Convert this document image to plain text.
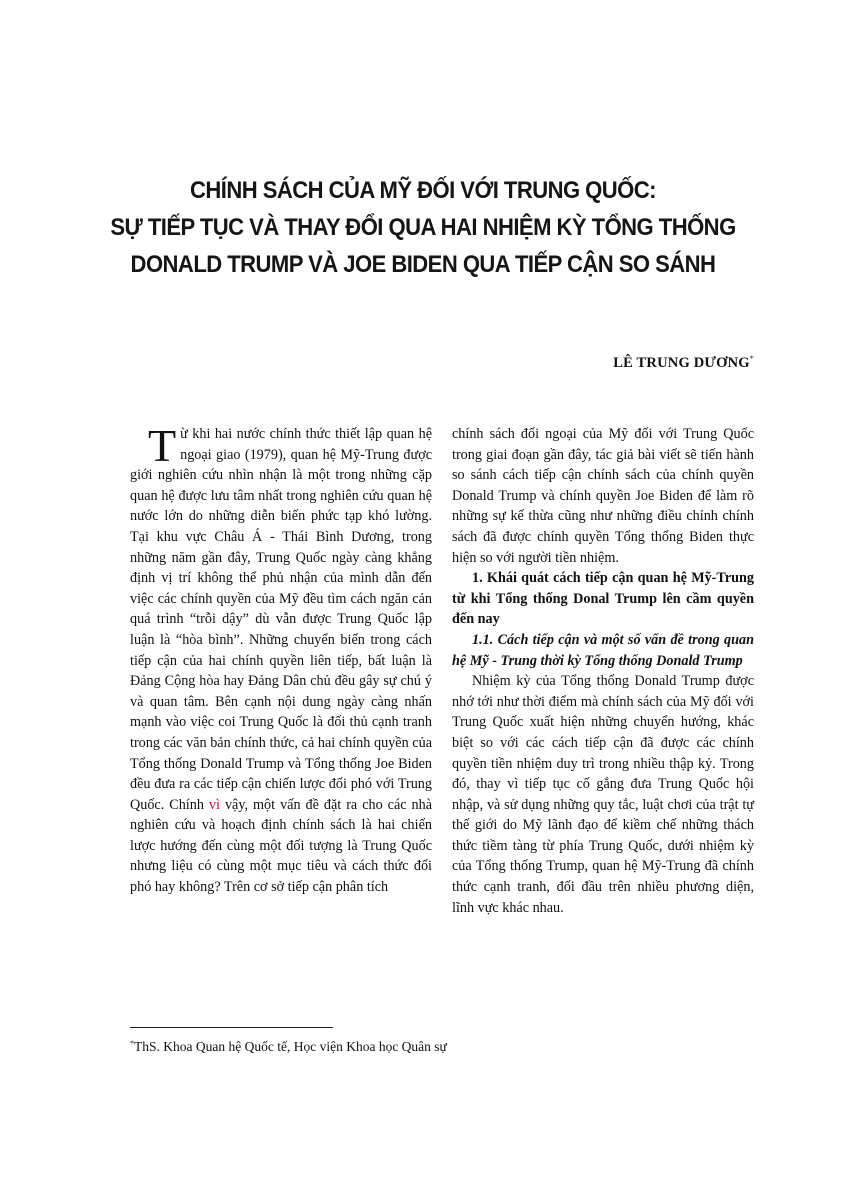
CHÍNH SÁCH CỦA MỸ ĐỐI VỚI TRUNG QUỐC:
SỰ TIẾP TỤC VÀ THAY ĐỔI QUA HAI NHIỆM KỲ TỔNG THỐNG
DONALD TRUMP VÀ JOE BIDEN QUA TIẾP CẬN SO SÁNH
LÊ TRUNG DƯƠNG*

Từ khi hai nước chính thức thiết lập quan hệ ngoại giao (1979), quan hệ Mỹ-Trung được giới nghiên cứu nhìn nhận là một trong những cặp quan hệ được lưu tâm nhất trong nghiên cứu quan hệ nước lớn do những diễn biến phức tạp khó lường. Tại khu vực Châu Á - Thái Bình Dương, trong những năm gần đây, Trung Quốc ngày càng khẳng định vị trí không thể phủ nhận của mình dẫn đến việc các chính quyền của Mỹ đều tìm cách ngăn cản quá trình “trỗi dậy” dù vẫn được Trung Quốc lập luận là “hòa bình”. Những chuyển biến trong cách tiếp cận của hai chính quyền liên tiếp, bất luận là Đảng Cộng hòa hay Đảng Dân chủ đều gây sự chú ý và quan tâm. Bên cạnh nội dung ngày càng nhấn mạnh vào việc coi Trung Quốc là đối thủ cạnh tranh trong các văn bản chính thức, cả hai chính quyền của Tổng thống Donald Trump và Tổng thống Joe Biden đều đưa ra các tiếp cận chiến lược đối phó với Trung Quốc. Chính vì vậy, một vấn đề đặt ra cho các nhà nghiên cứu và hoạch định chính sách là hai chiến lược hướng đến cùng một đối tượng là Trung Quốc nhưng liệu có cùng một mục tiêu và cách thức đối phó hay không? Trên cơ sở tiếp cận phân tích

chính sách đối ngoại của Mỹ đối với Trung Quốc trong giai đoạn gần đây, tác giả bài viết sẽ tiến hành so sánh cách tiếp cận chính sách của chính quyền Donald Trump và chính quyền Joe Biden để làm rõ những sự kế thừa cũng như những điều chỉnh chính sách đã được chính quyền Tổng thống Biden thực hiện so với người tiền nhiệm.

1. Khái quát cách tiếp cận quan hệ Mỹ-Trung từ khi Tổng thống Donal Trump lên cầm quyền đến nay

1.1. Cách tiếp cận và một số vấn đề trong quan hệ Mỹ - Trung thời kỳ Tổng thống Donald Trump

Nhiệm kỳ của Tổng thống Donald Trump được nhớ tới như thời điểm mà chính sách của Mỹ đối với Trung Quốc xuất hiện những chuyển hướng, khác biệt so với các cách tiếp cận đã được các chính quyền tiền nhiệm duy trì trong nhiều thập kỷ. Trong đó, thay vì tiếp tục cố gắng đưa Trung Quốc hội nhập, và sử dụng những quy tắc, luật chơi của trật tự thế giới do Mỹ lãnh đạo để kiềm chế những thách thức tiềm tàng từ phía Trung Quốc, dưới nhiệm kỳ của Tổng thống Trump, quan hệ Mỹ-Trung đã chính thức cạnh tranh, đối đầu trên nhiều phương diện, lĩnh vực khác nhau.

*ThS. Khoa Quan hệ Quốc tế, Học viện Khoa học Quân sự
